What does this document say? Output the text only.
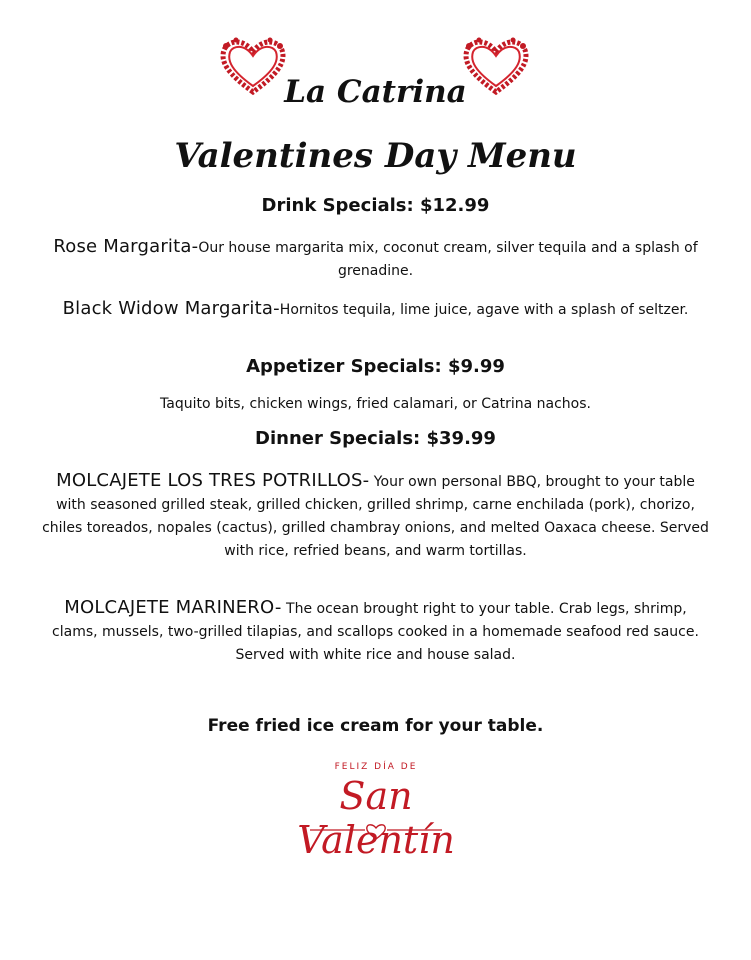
La Catrina
Valentines Day Menu
Drink Specials: $12.99
Rose Margarita-Our house margarita mix, coconut cream, silver tequila and a splash of grenadine.
Black Widow Margarita-Hornitos tequila, lime juice, agave with a splash of seltzer.
Appetizer Specials: $9.99
Taquito bits, chicken wings, fried calamari, or Catrina nachos.
Dinner Specials: $39.99
MOLCAJETE LOS TRES POTRILLOS- Your own personal BBQ, brought to your table with seasoned grilled steak, grilled chicken, grilled shrimp, carne enchilada (pork), chorizo, chiles toreados, nopales (cactus), grilled chambray onions, and melted Oaxaca cheese. Served with rice, refried beans, and warm tortillas.
MOLCAJETE MARINERO- The ocean brought right to your table. Crab legs, shrimp, clams, mussels, two-grilled tilapias, and scallops cooked in a homemade seafood red sauce. Served with white rice and house salad.
Free fried ice cream for your table.
FELIZ DÍA DE
San Valentín
